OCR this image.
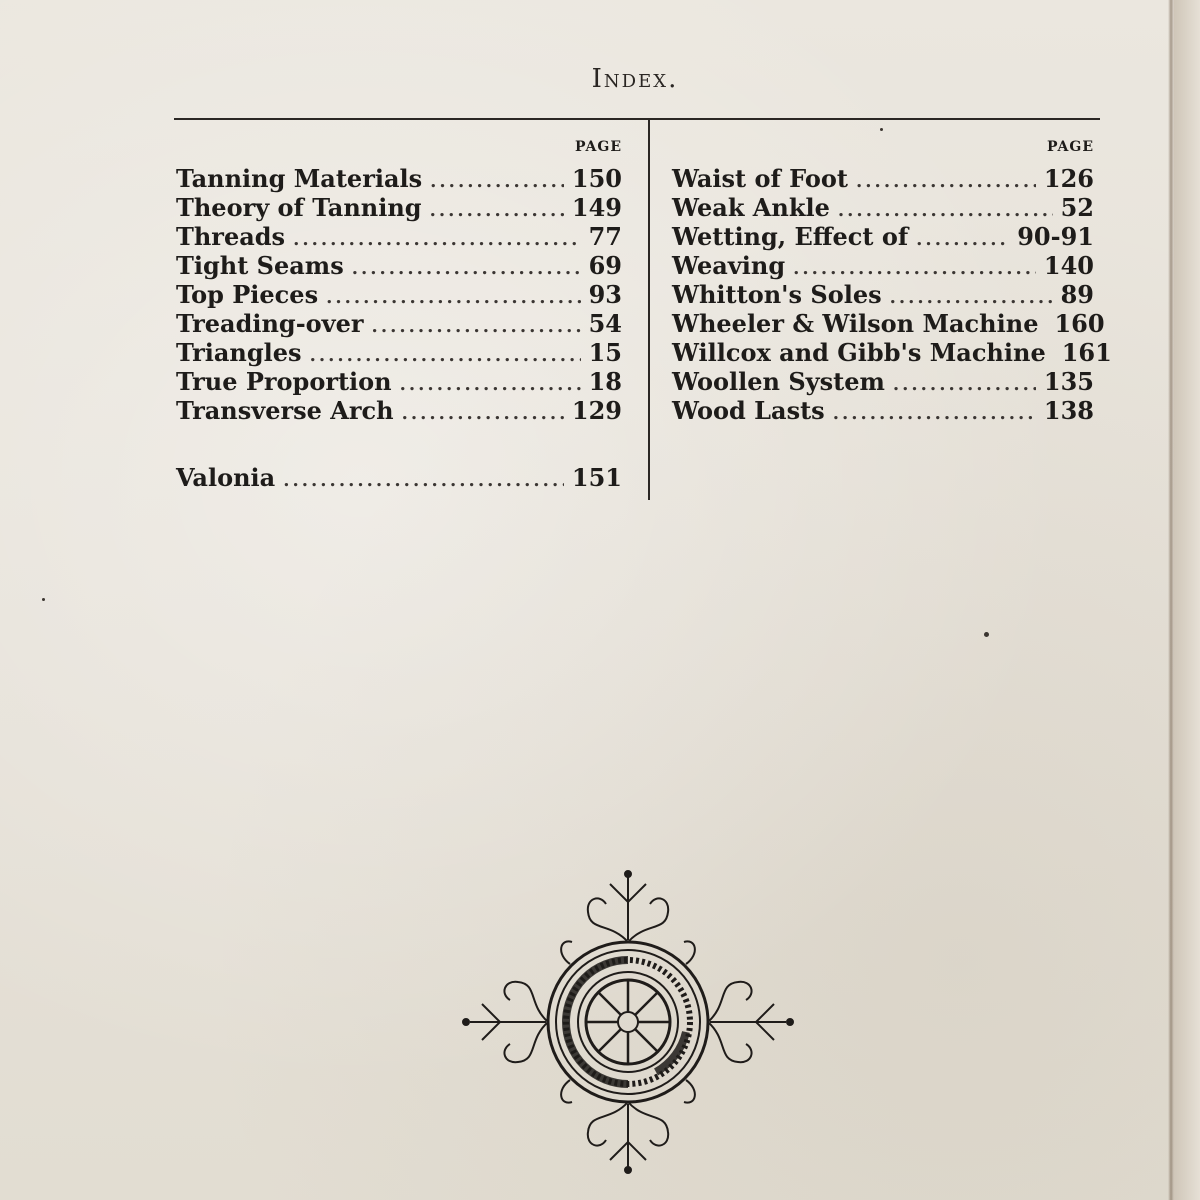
Index.
PAGE
Tanning Materials .....	150
Theory of Tanning .....	149
Threads .....	77
Tight Seams .....	69
Top Pieces .....	93
Treading-over .....	54
Triangles .....	15
True Proportion .....	18
Transverse Arch .....	129
Valonia .....	151
PAGE
Waist of Foot .....	126
Weak Ankle .....	52
Wetting, Effect of .....	90-91
Weaving .....	140
Whitton's Soles .....	89
Wheeler & Wilson Machine 160
Willcox and Gibb's Machine 161
Woollen System .....	135
Wood Lasts .....	138
